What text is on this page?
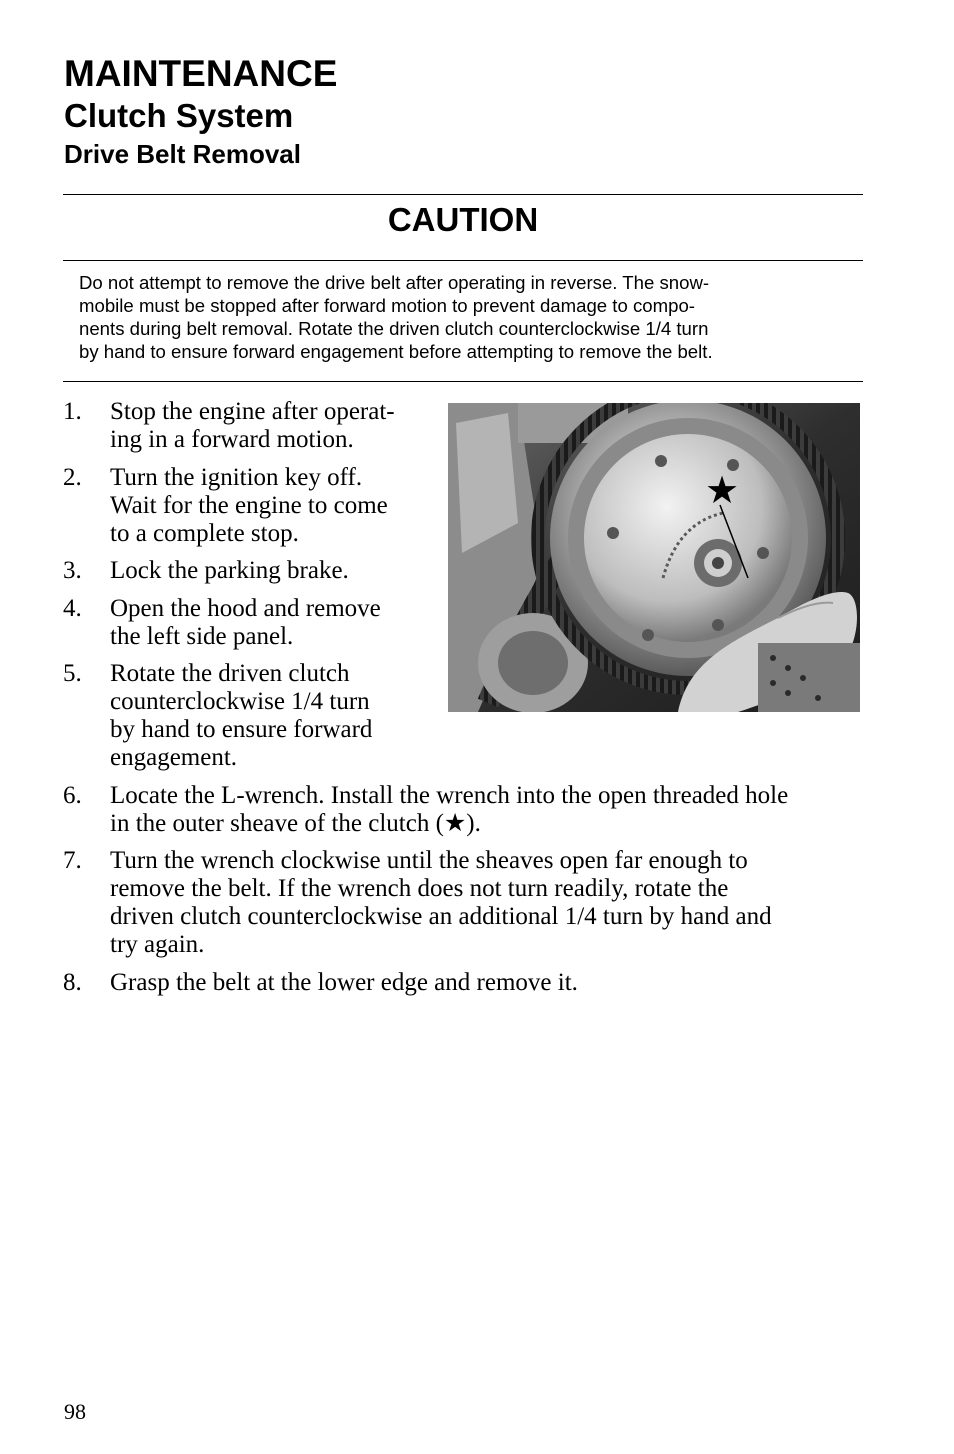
MAINTENANCE
Clutch System
Drive Belt Removal
CAUTION
Do not attempt to remove the drive belt after operating in reverse. The snow-
mobile must be stopped after forward motion to prevent damage to compo-
nents during belt removal. Rotate the driven clutch counterclockwise 1/4 turn
by hand to ensure forward engagement before attempting to remove the belt.
★
1.	Stop the engine after operat-
ing in a forward motion.
2.	Turn the ignition key off.
Wait for the engine to come
to a complete stop.
3.	Lock the parking brake.
4.	Open the hood and remove
the left side panel.
5.	Rotate the driven clutch
counterclockwise 1/4 turn
by hand to ensure forward
engagement.
6.	Locate the L-wrench. Install the wrench into the open threaded hole
in the outer sheave of the clutch (★).
7.	Turn the wrench clockwise until the sheaves open far enough to
remove the belt. If the wrench does not turn readily, rotate the
driven clutch counterclockwise an additional 1/4 turn by hand and
try again.
8.	Grasp the belt at the lower edge and remove it.
98
